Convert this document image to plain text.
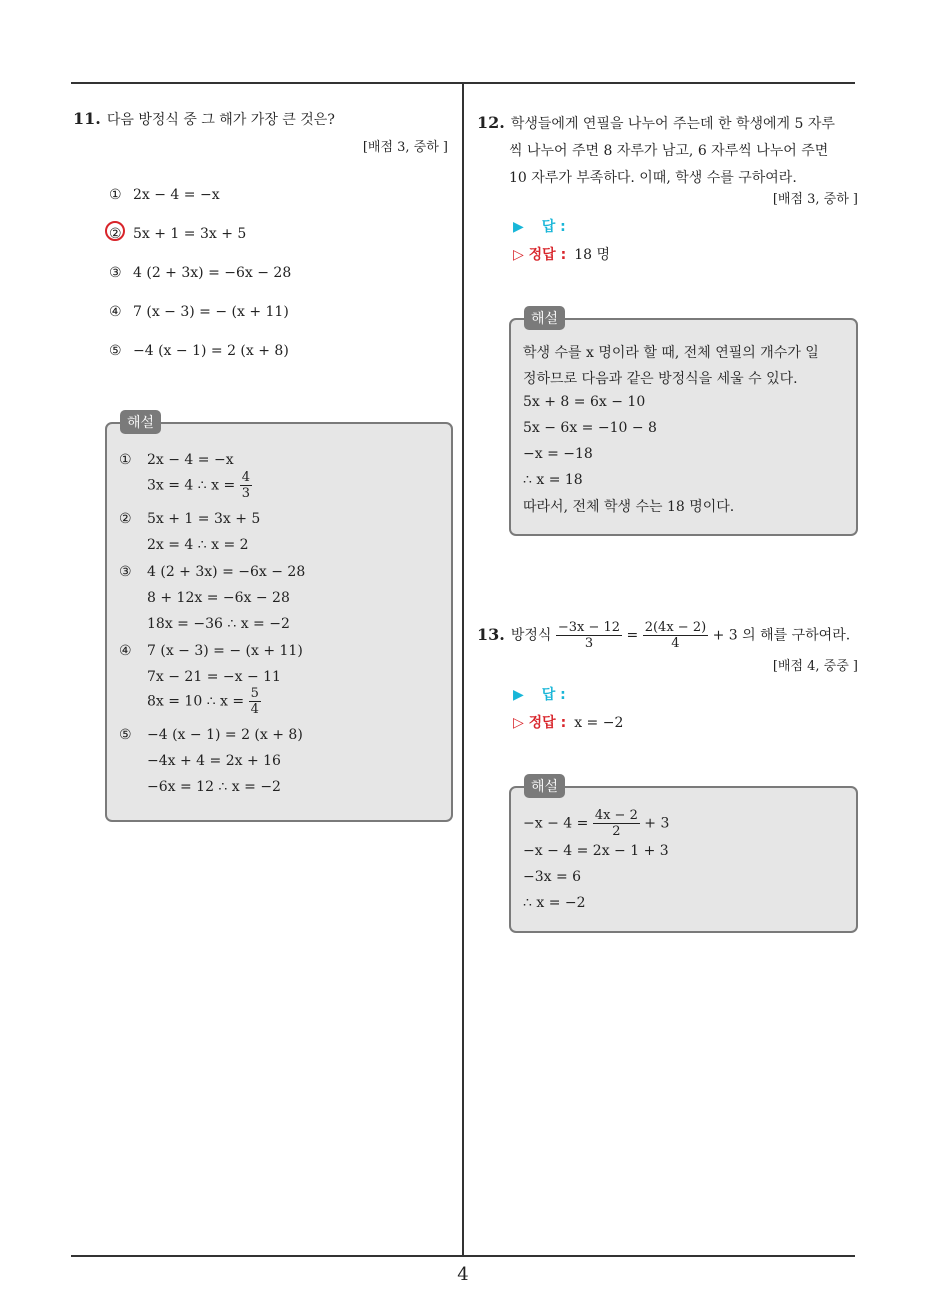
4
11. 다음 방정식 중 그 해가 가장 큰 것은?
[배점 3, 중하 ]
① 2x − 4 = −x
② 5x + 1 = 3x + 5
③ 4 (2 + 3x) = −6x − 28
④ 7 (x − 3) = − (x + 11)
⑤ −4 (x − 1) = 2 (x + 8)
해설
① 2x − 4 = −x
3x = 4 ∴ $x = \frac{4}{3}$
② 5x + 1 = 3x + 5
2x = 4 ∴ x = 2
③ 4 (2 + 3x) = −6x − 28
8 + 12x = −6x − 28
18x = −36 ∴ x = −2
④ 7 (x − 3) = − (x + 11)
7x − 21 = −x − 11
8x = 10 ∴ $x = \frac{5}{4}$
⑤ −4 (x − 1) = 2 (x + 8)
−4x + 4 = 2x + 16
−6x = 12 ∴ x = −2
12. 학생들에게 연필을 나누어 주는데 한 학생에게 5 자루
씩 나누어 주면 8 자루가 남고, 6 자루씩 나누어 주면
10 자루가 부족하다. 이때, 학생 수를 구하여라.
[배점 3, 중하 ]
▶ 답 :
▷ 정답 : 18 명
해설
학생 수를 x 명이라 할 때, 전체 연필의 개수가 일
정하므로 다음과 같은 방정식을 세울 수 있다.
5x + 8 = 6x − 10
5x − 6x = −10 − 8
−x = −18
∴ x = 18
따라서, 전체 학생 수는 18 명이다.
13. 방정식 $\frac{-3x - 12}{3} = \frac{2(4x - 2)}{4} + 3$ 의 해를 구하여라.
[배점 4, 중중 ]
▶ 답 :
▷ 정답 : x = −2
해설
$-x - 4 = \frac{4x - 2}{2} + 3$
−x − 4 = 2x − 1 + 3
−3x = 6
∴ x = −2
